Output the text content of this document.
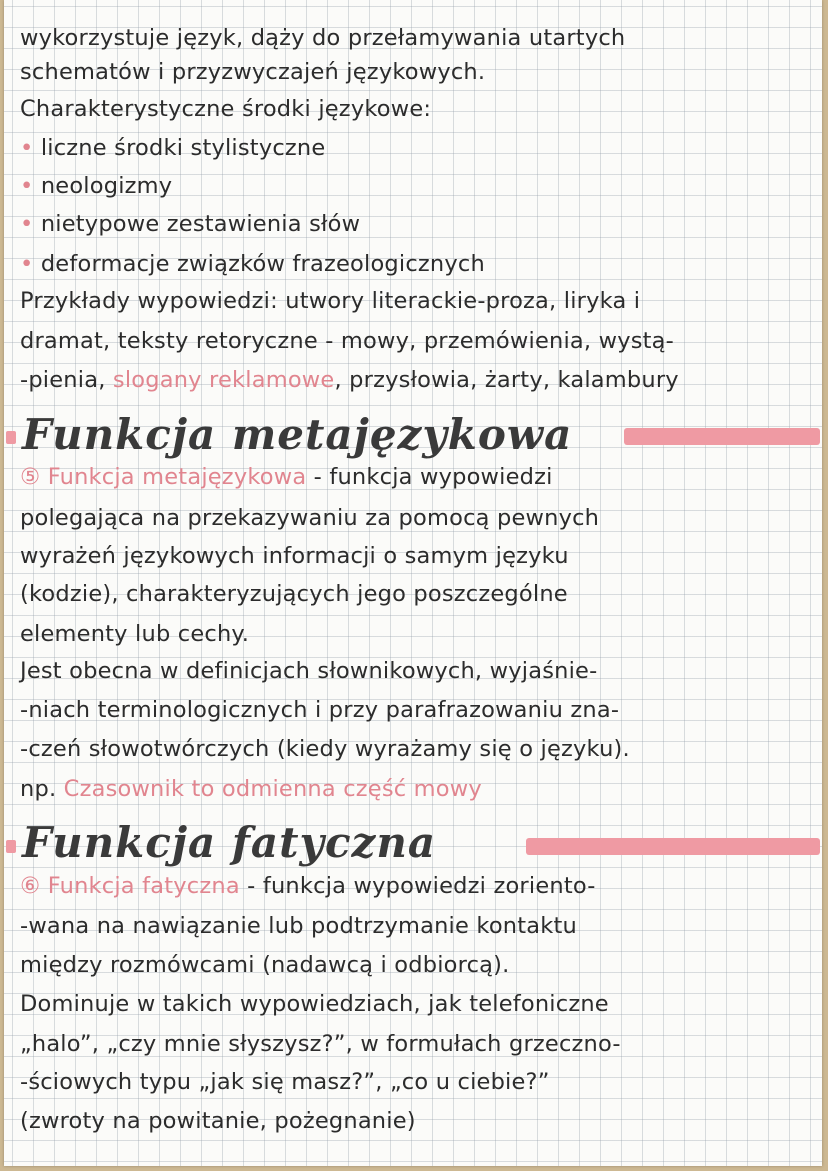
wykorzystuje język, dąży do przełamywania utartych
schematów i przyzwyczajeń językowych.
Charakterystyczne środki językowe:
• liczne środki stylistyczne
• neologizmy
• nietypowe zestawienia słów
• deformacje związków frazeologicznych
Przykłady wypowiedzi: utwory literackie-proza, liryka i
dramat, teksty retoryczne - mowy, przemówienia, wystą-
-pienia, slogany reklamowe, przysłowia, żarty, kalambury
Funkcja metajęzykowa
⑤ Funkcja metajęzykowa - funkcja wypowiedzi
polegająca na przekazywaniu za pomocą pewnych
wyrażeń językowych informacji o samym języku
(kodzie), charakteryzujących jego poszczególne
elementy lub cechy.
Jest obecna w definicjach słownikowych, wyjaśnie-
-niach terminologicznych i przy parafrazowaniu zna-
-czeń słowotwórczych (kiedy wyrażamy się o języku).
np. Czasownik to odmienna część mowy
Funkcja fatyczna
⑥ Funkcja fatyczna - funkcja wypowiedzi zoriento-
-wana na nawiązanie lub podtrzymanie kontaktu
między rozmówcami (nadawcą i odbiorcą).
Dominuje w takich wypowiedziach, jak telefoniczne
„halo”, „czy mnie słyszysz?”, w formułach grzeczno-
-ściowych typu „jak się masz?”, „co u ciebie?”
(zwroty na powitanie, pożegnanie)
